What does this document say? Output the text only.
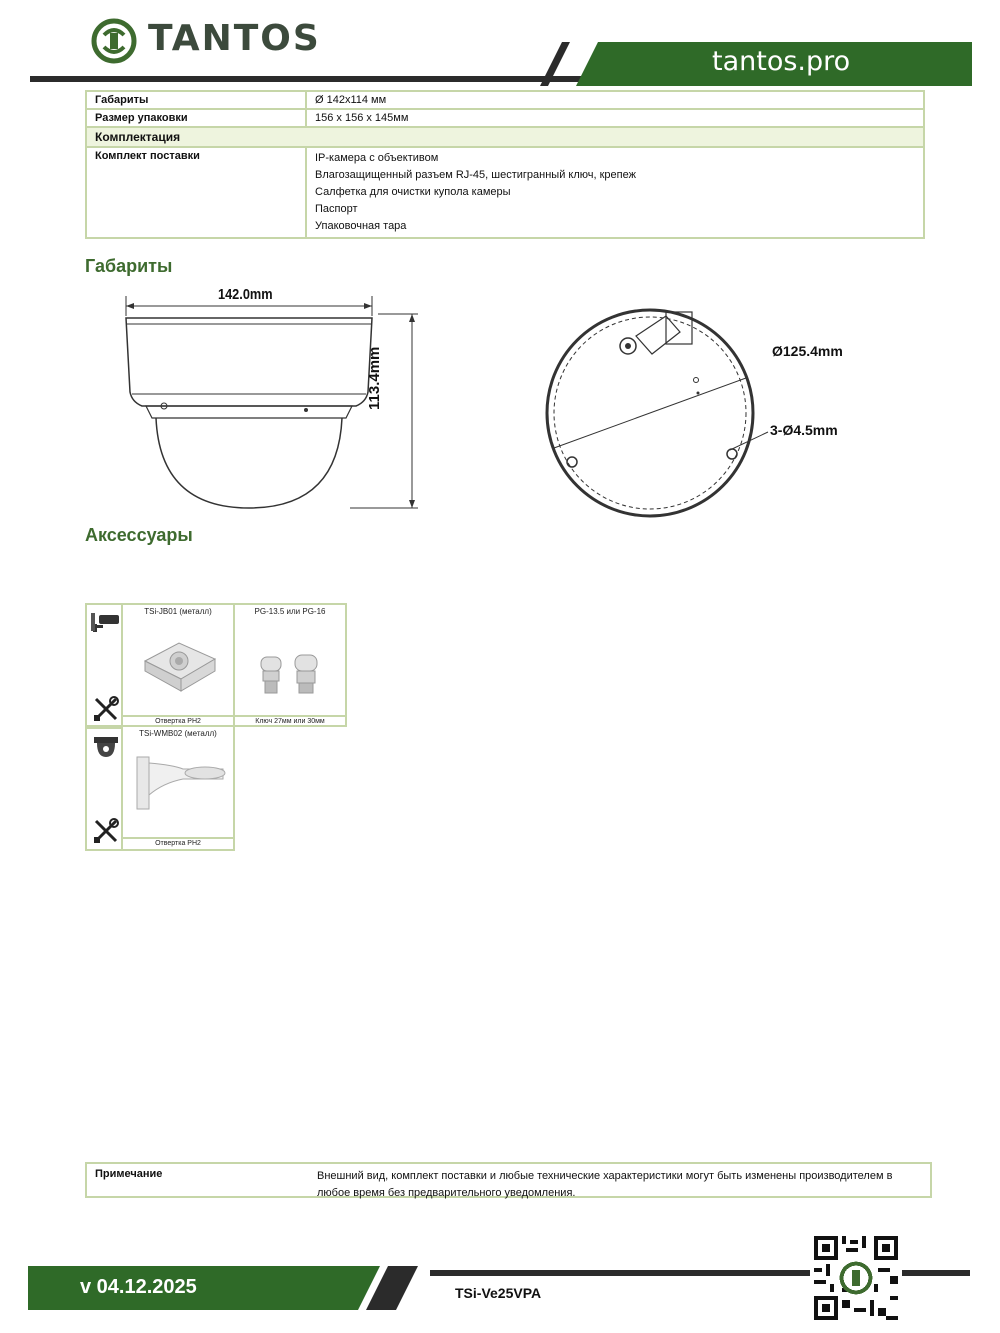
TANTOS
tantos.pro
Габариты	Ø 142x114 мм
Размер упаковки	156 x 156 x 145мм
Комплектация	
Комплект поставки	IP-камера с объективом
Влагозащищенный разъем RJ-45, шестигранный ключ, крепеж
Салфетка для очистки купола камеры
Паспорт
Упаковочная тара
Габариты
142.0mm
113.4mm	Ø125.4mm
3-Ø4.5mm
Аксессуары
TSi-JB01 (металл)
Отвертка PH2
PG-13.5 или PG-16
Ключ 27мм или 30мм
TSi-WMB02 (металл)
Отвертка PH2
Примечание	Внешний вид, комплект поставки и любые технические характеристики могут быть изменены производителем в любое время без предварительного уведомления.
v 04.12.2025	TSi-Ve25VPA
